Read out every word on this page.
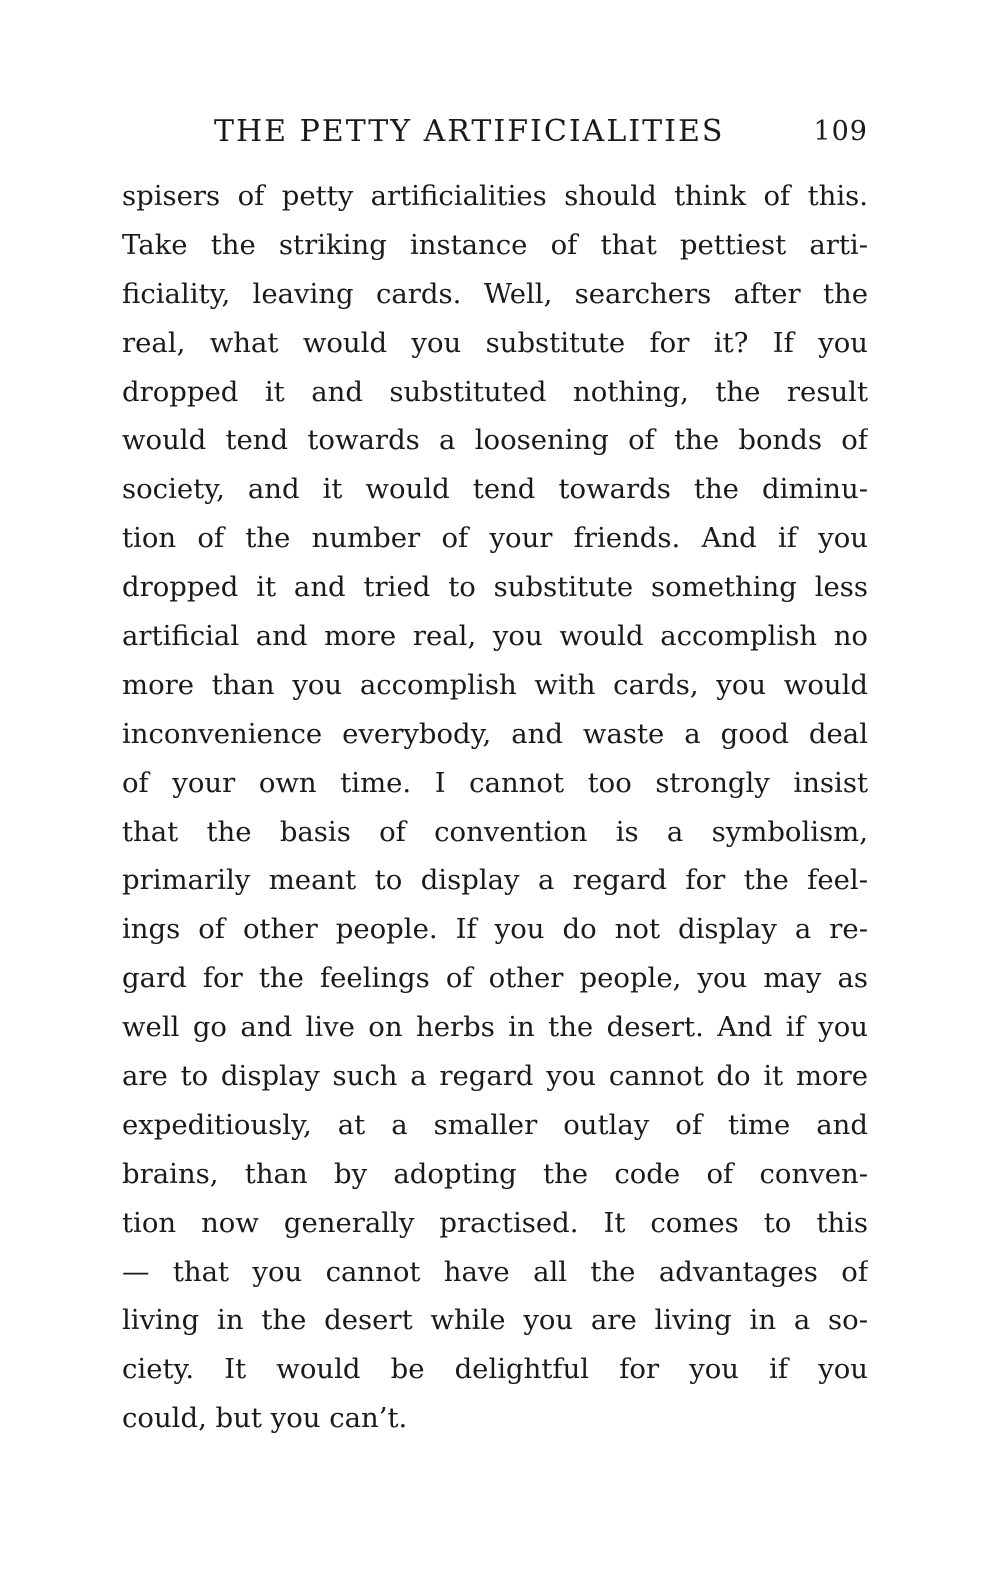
THE PETTY ARTIFICIALITIES	109
spisers of petty artificialities should think of this.
Take the striking instance of that pettiest arti-
ficiality, leaving cards. Well, searchers after the
real, what would you substitute for it? If you
dropped it and substituted nothing, the result
would tend towards a loosening of the bonds of
society, and it would tend towards the diminu-
tion of the number of your friends. And if you
dropped it and tried to substitute something less
artificial and more real, you would accomplish no
more than you accomplish with cards, you would
inconvenience everybody, and waste a good deal
of your own time. I cannot too strongly insist
that the basis of convention is a symbolism,
primarily meant to display a regard for the feel-
ings of other people. If you do not display a re-
gard for the feelings of other people, you may as
well go and live on herbs in the desert. And if you
are to display such a regard you cannot do it more
expeditiously, at a smaller outlay of time and
brains, than by adopting the code of conven-
tion now generally practised. It comes to this
— that you cannot have all the advantages of
living in the desert while you are living in a so-
ciety. It would be delightful for you if you
could, but you can’t.
